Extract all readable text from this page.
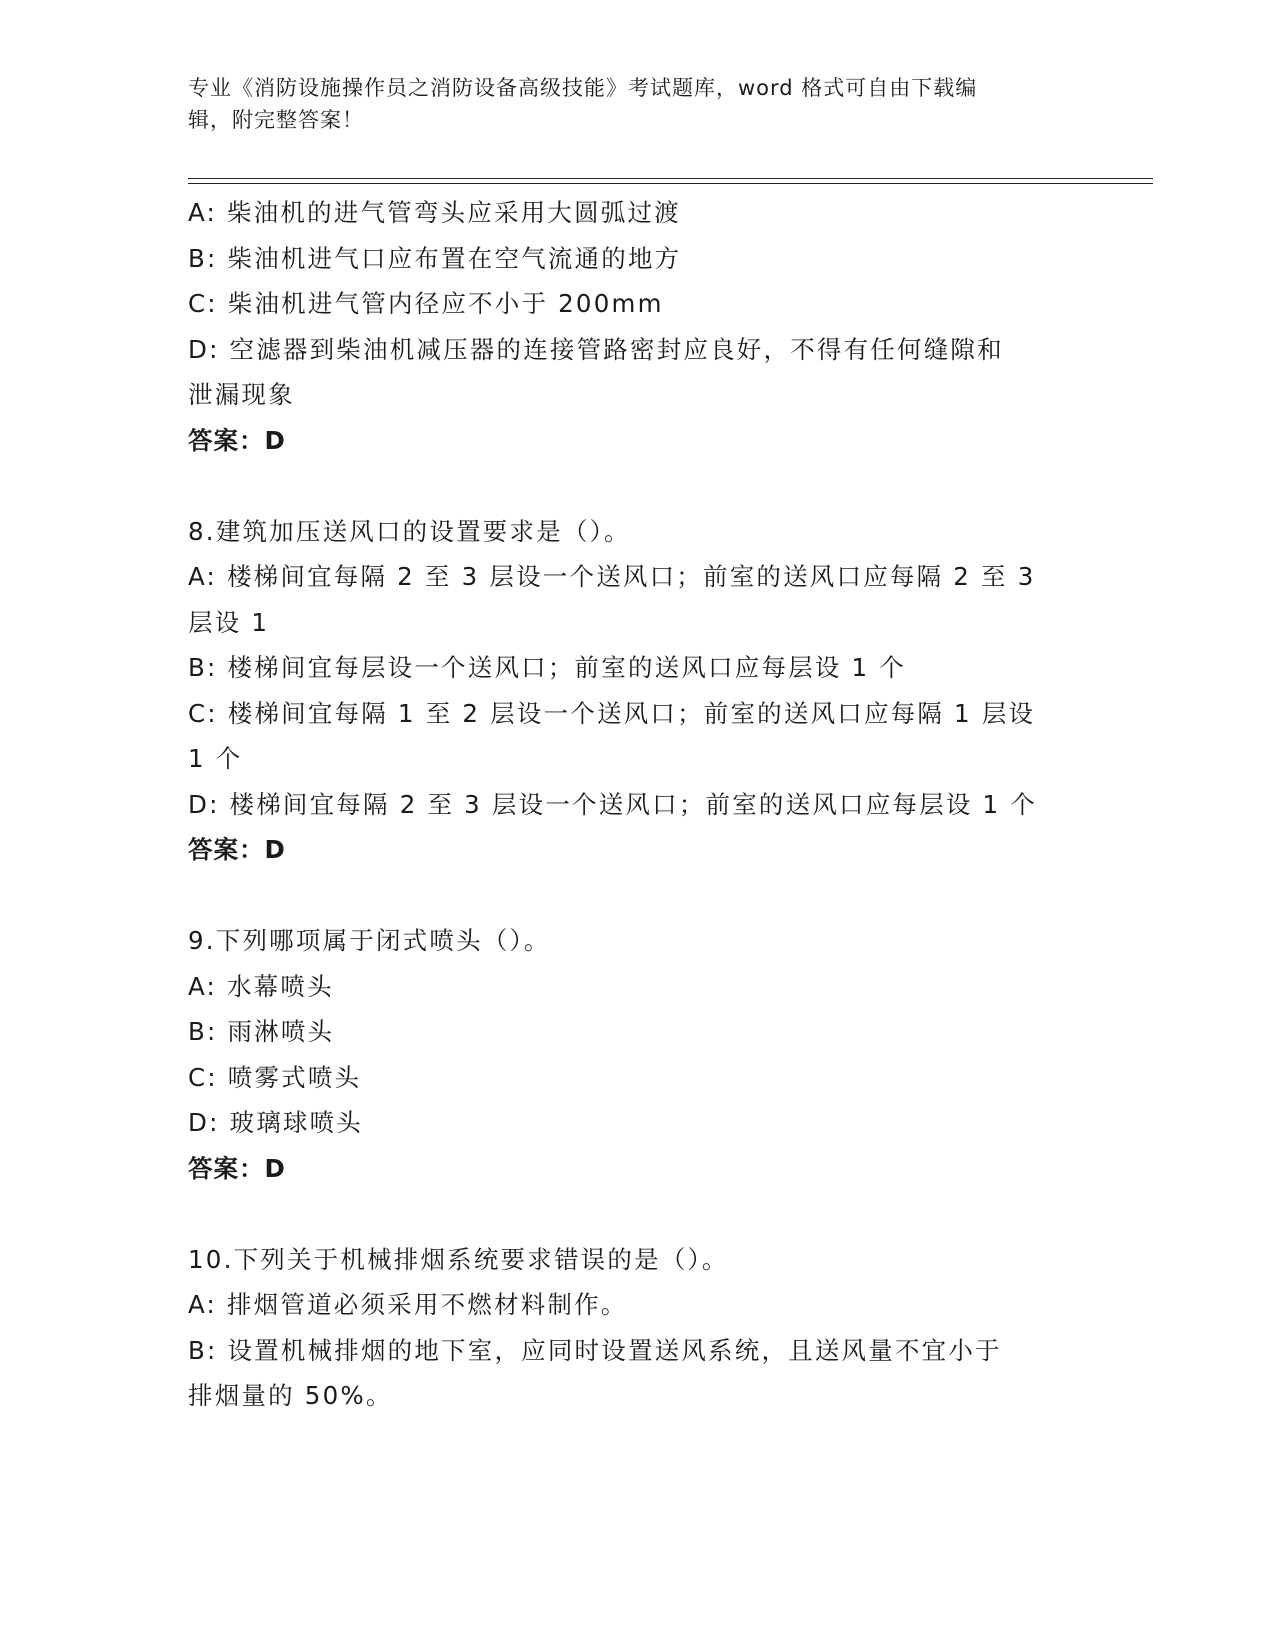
专业《消防设施操作员之消防设备高级技能》考试题库，word 格式可自由下载编
辑，附完整答案！
A: 柴油机的进气管弯头应采用大圆弧过渡
B: 柴油机进气口应布置在空气流通的地方
C: 柴油机进气管内径应不小于 200mm
D: 空滤器到柴油机减压器的连接管路密封应良好，不得有任何缝隙和
泄漏现象
答案：D
8.建筑加压送风口的设置要求是（）。
A: 楼梯间宜每隔 2 至 3 层设一个送风口；前室的送风口应每隔 2 至 3
层设 1
B: 楼梯间宜每层设一个送风口；前室的送风口应每层设 1 个
C: 楼梯间宜每隔 1 至 2 层设一个送风口；前室的送风口应每隔 1 层设
1 个
D: 楼梯间宜每隔 2 至 3 层设一个送风口；前室的送风口应每层设 1 个
答案：D
9.下列哪项属于闭式喷头（）。
A: 水幕喷头
B: 雨淋喷头
C: 喷雾式喷头
D: 玻璃球喷头
答案：D
10.下列关于机械排烟系统要求错误的是（）。
A: 排烟管道必须采用不燃材料制作。
B: 设置机械排烟的地下室，应同时设置送风系统，且送风量不宜小于
排烟量的 50%。
